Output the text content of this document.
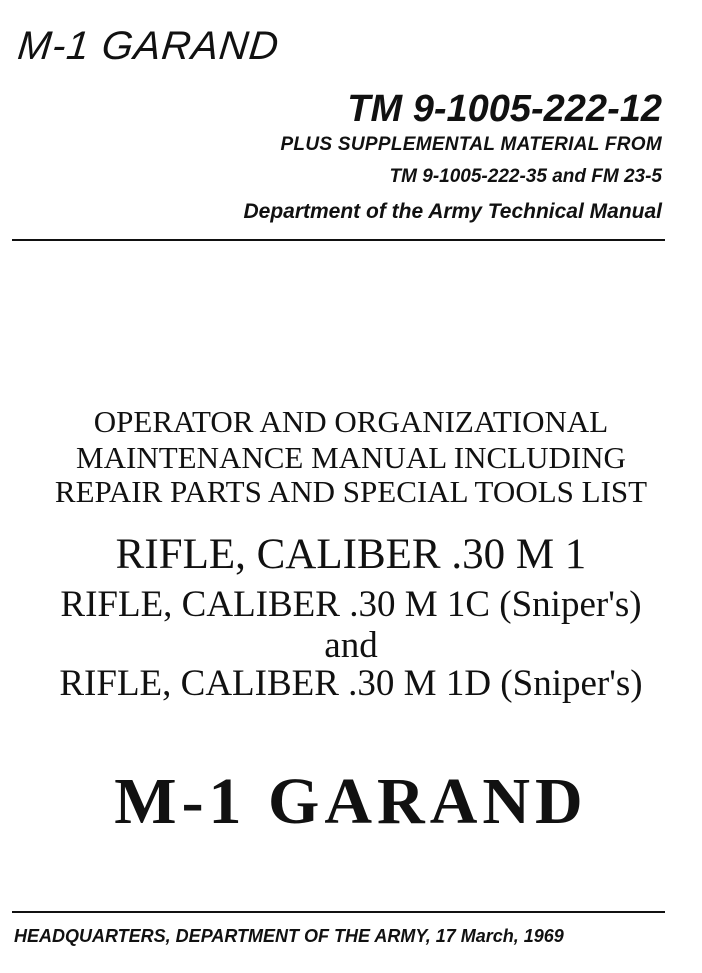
M-1 GARAND
TM 9-1005-222-12
PLUS SUPPLEMENTAL MATERIAL FROM
TM 9-1005-222-35 and FM 23-5
Department of the Army Technical Manual
OPERATOR AND ORGANIZATIONAL
MAINTENANCE MANUAL INCLUDING
REPAIR PARTS AND SPECIAL TOOLS LIST
RIFLE, CALIBER .30 M 1
RIFLE, CALIBER .30 M 1C (Sniper's)
and
RIFLE, CALIBER .30 M 1D (Sniper's)
M-1 GARAND
HEADQUARTERS, DEPARTMENT OF THE ARMY, 17 March, 1969
